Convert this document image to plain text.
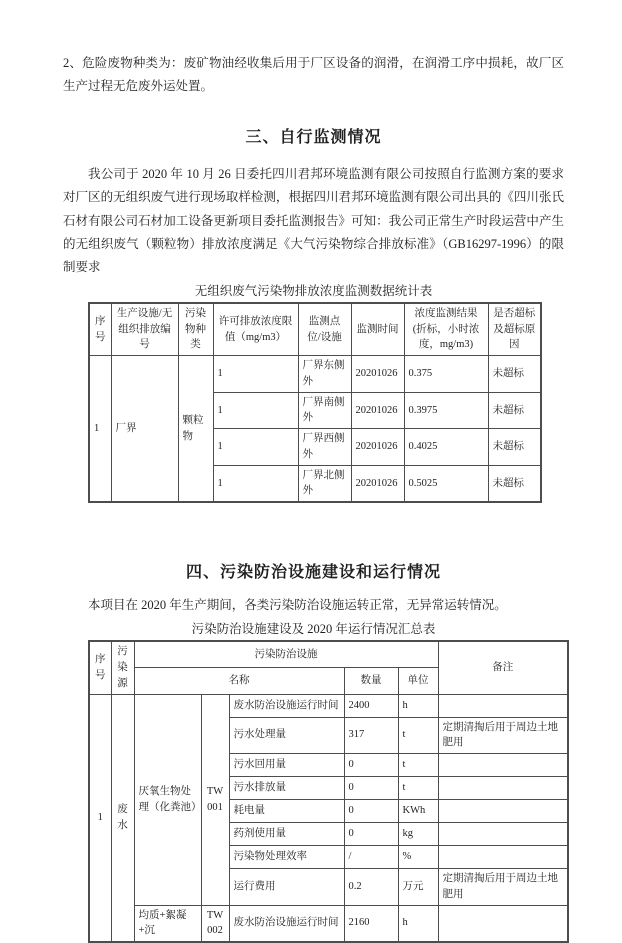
2、危险废物种类为：废矿物油经收集后用于厂区设备的润滑，在润滑工序中损耗，故厂区生产过程无危废外运处置。

三、自行监测情况

我公司于 2020 年 10 月 26 日委托四川君邦环境监测有限公司按照自行监测方案的要求对厂区的无组织废气进行现场取样检测，根据四川君邦环境监测有限公司出具的《四川张氏石材有限公司石材加工设备更新项目委托监测报告》可知：我公司正常生产时段运营中产生的无组织废气（颗粒物）排放浓度满足《大气污染物综合排放标准》（GB16297-1996）的限制要求

无组织废气污染物排放浓度监测数据统计表

序号	生产设施/无组织排放编号	污染物种类	许可排放浓度限值（mg/m3）	监测点位/设施	监测时间	浓度监测结果(折标，小时浓度，mg/m3)	是否超标及超标原因
1	厂界	颗粒物	1	厂界东侧外	20201026	0.375	未超标
			1	厂界南侧外	20201026	0.3975	未超标
			1	厂界西侧外	20201026	0.4025	未超标
			1	厂界北侧外	20201026	0.5025	未超标
四、污染防治设施建设和运行情况

本项目在 2020 年生产期间，各类污染防治设施运转正常，无异常运转情况。

污染防治设施建设及 2020 年运行情况汇总表

序号	污染源	污染防治设施					备注
		名称			数量	单位	
1	废水	厌氧生物处理（化粪池）	TW001	废水防治设施运行时间	2400	h	
				污水处理量	317	t	定期清掏后用于周边土地肥用
				污水回用量	0	t	
				污水排放量	0	t	
				耗电量	0	KWh	
				药剂使用量	0	kg	
				污染物处理效率	/	%	
				运行费用	0.2	万元	定期清掏后用于周边土地肥用
		均质+絮凝+沉	TW002	废水防治设施运行时间	2160	h	
